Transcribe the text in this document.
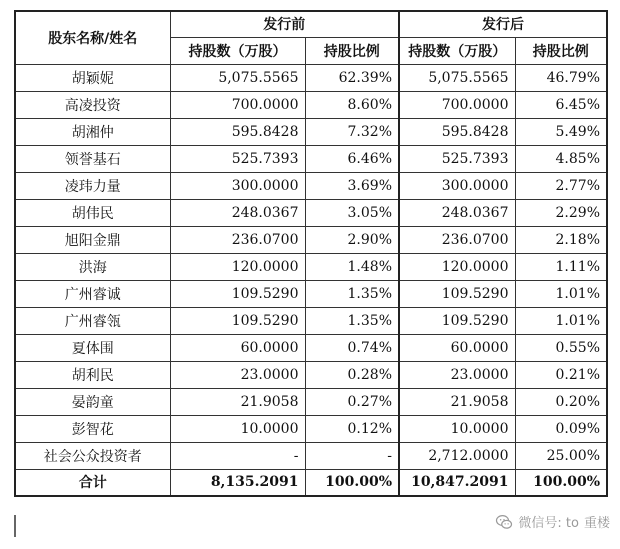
股东名称/姓名	发行前		发行后	
	持股数（万股）	持股比例	持股数（万股）	持股比例
胡颖妮	5,075.5565	62.39%	5,075.5565	46.79%
高凌投资	700.0000	8.60%	700.0000	6.45%
胡湘仲	595.8428	7.32%	595.8428	5.49%
领誉基石	525.7393	6.46%	525.7393	4.85%
凌玮力量	300.0000	3.69%	300.0000	2.77%
胡伟民	248.0367	3.05%	248.0367	2.29%
旭阳金鼎	236.0700	2.90%	236.0700	2.18%
洪海	120.0000	1.48%	120.0000	1.11%
广州睿诚	109.5290	1.35%	109.5290	1.01%
广州睿瓴	109.5290	1.35%	109.5290	1.01%
夏体围	60.0000	0.74%	60.0000	0.55%
胡利民	23.0000	0.28%	23.0000	0.21%
晏韵童	21.9058	0.27%	21.9058	0.20%
彭智花	10.0000	0.12%	10.0000	0.09%
社会公众投资者	-	-	2,712.0000	25.00%
合计	8,135.2091	100.00%	10,847.2091	100.00%
微信号: to 重楼
